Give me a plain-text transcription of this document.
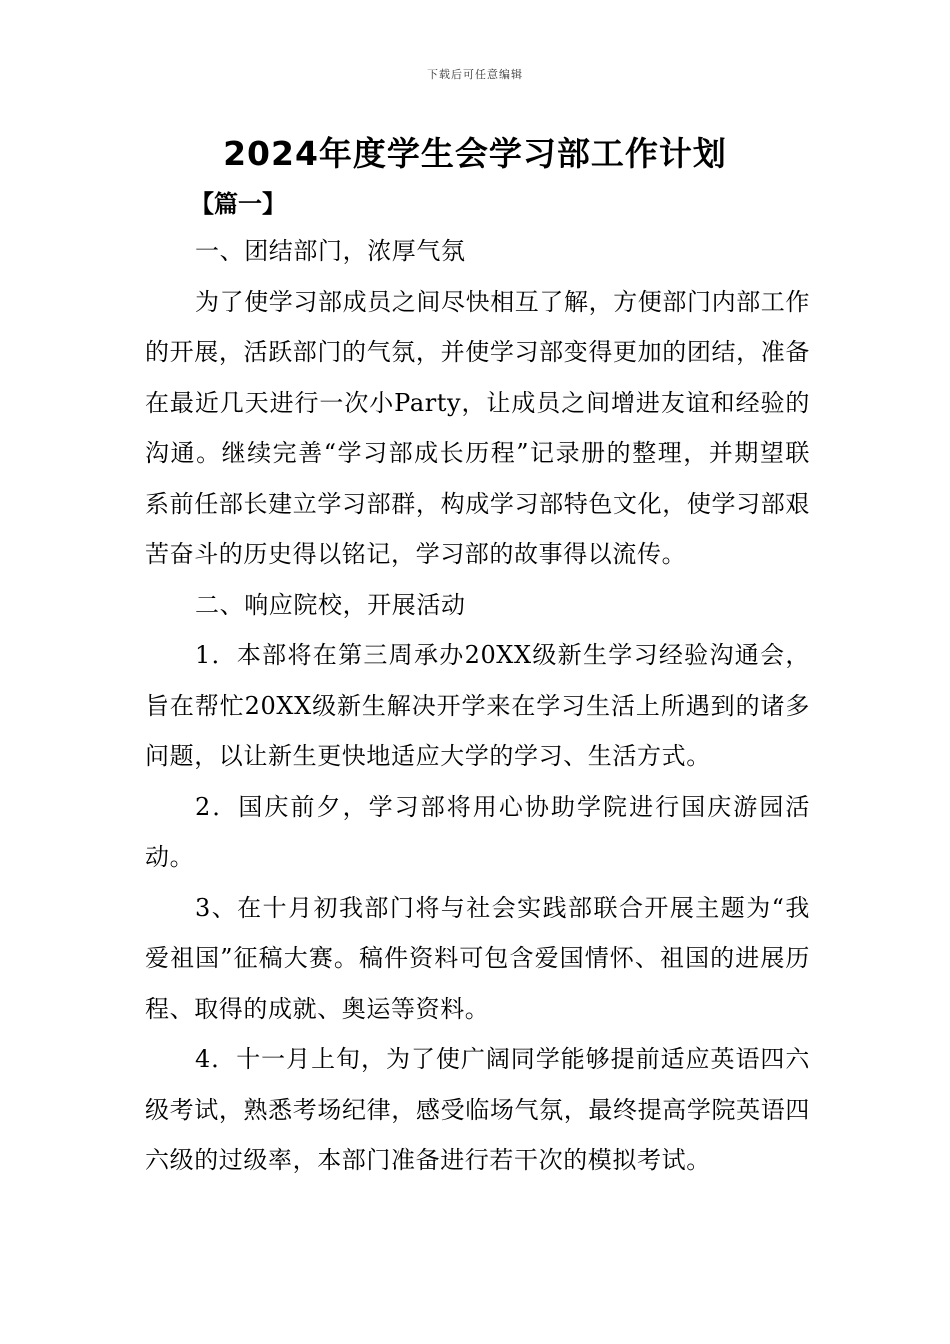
下载后可任意编辑
2024年度学生会学习部工作计划
【篇一】

一、团结部门，浓厚气氛

为了使学习部成员之间尽快相互了解，方便部门内部工作的开展，活跃部门的气氛，并使学习部变得更加的团结，准备在最近几天进行一次小Party，让成员之间增进友谊和经验的沟通。继续完善“学习部成长历程”记录册的整理，并期望联系前任部长建立学习部群，构成学习部特色文化，使学习部艰苦奋斗的历史得以铭记，学习部的故事得以流传。

二、响应院校，开展活动

1．本部将在第三周承办20XX级新生学习经验沟通会，旨在帮忙20XX级新生解决开学来在学习生活上所遇到的诸多问题，以让新生更快地适应大学的学习、生活方式。

2．国庆前夕，学习部将用心协助学院进行国庆游园活动。

3、在十月初我部门将与社会实践部联合开展主题为“我爱祖国”征稿大赛。稿件资料可包含爱国情怀、祖国的进展历程、取得的成就、奥运等资料。

4．十一月上旬，为了使广阔同学能够提前适应英语四六级考试，熟悉考场纪律，感受临场气氛，最终提高学院英语四六级的过级率，本部门准备进行若干次的模拟考试。
